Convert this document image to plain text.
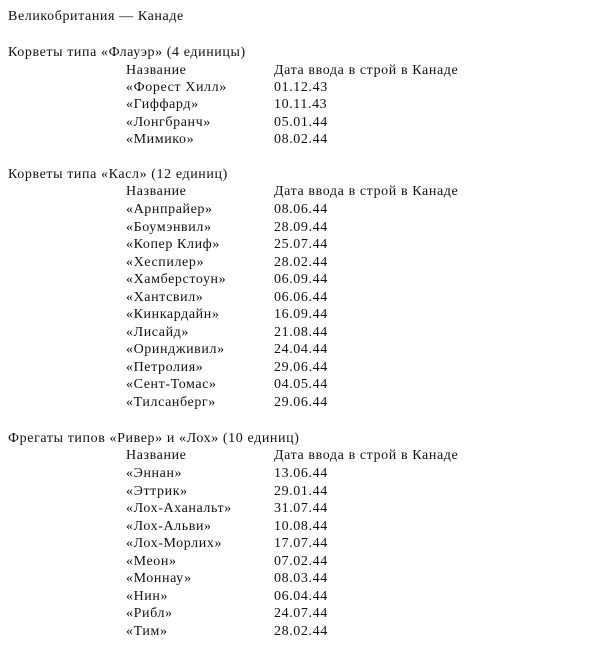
Великобритания — Канаде
Корветы типа «Флауэр» (4 единицы)
Название	Дата ввода в строй в Канаде
«Форест Хилл»	01.12.43
«Гиффард»	10.11.43
«Лонгбранч»	05.01.44
«Мимико»	08.02.44
Корветы типа «Касл» (12 единиц)
Название	Дата ввода в строй в Канаде
«Арнпрайер»	08.06.44
«Боумэнвил»	28.09.44
«Копер Клиф»	25.07.44
«Хеспилер»	28.02.44
«Хамберстоун»	06.09.44
«Хантсвил»	06.06.44
«Кинкардайн»	16.09.44
«Лисайд»	21.08.44
«Ориндживил»	24.04.44
«Петролия»	29.06.44
«Сент-Томас»	04.05.44
«Тилсанберг»	29.06.44
Фрегаты типов «Ривер» и «Лох» (10 единиц)
Название	Дата ввода в строй в Канаде
«Эннан»	13.06.44
«Эттрик»	29.01.44
«Лох-Аханальт»	31.07.44
«Лох-Альви»	10.08.44
«Лох-Морлих»	17.07.44
«Меон»	07.02.44
«Моннау»	08.03.44
«Нин»	06.04.44
«Рибл»	24.07.44
«Тим»	28.02.44
